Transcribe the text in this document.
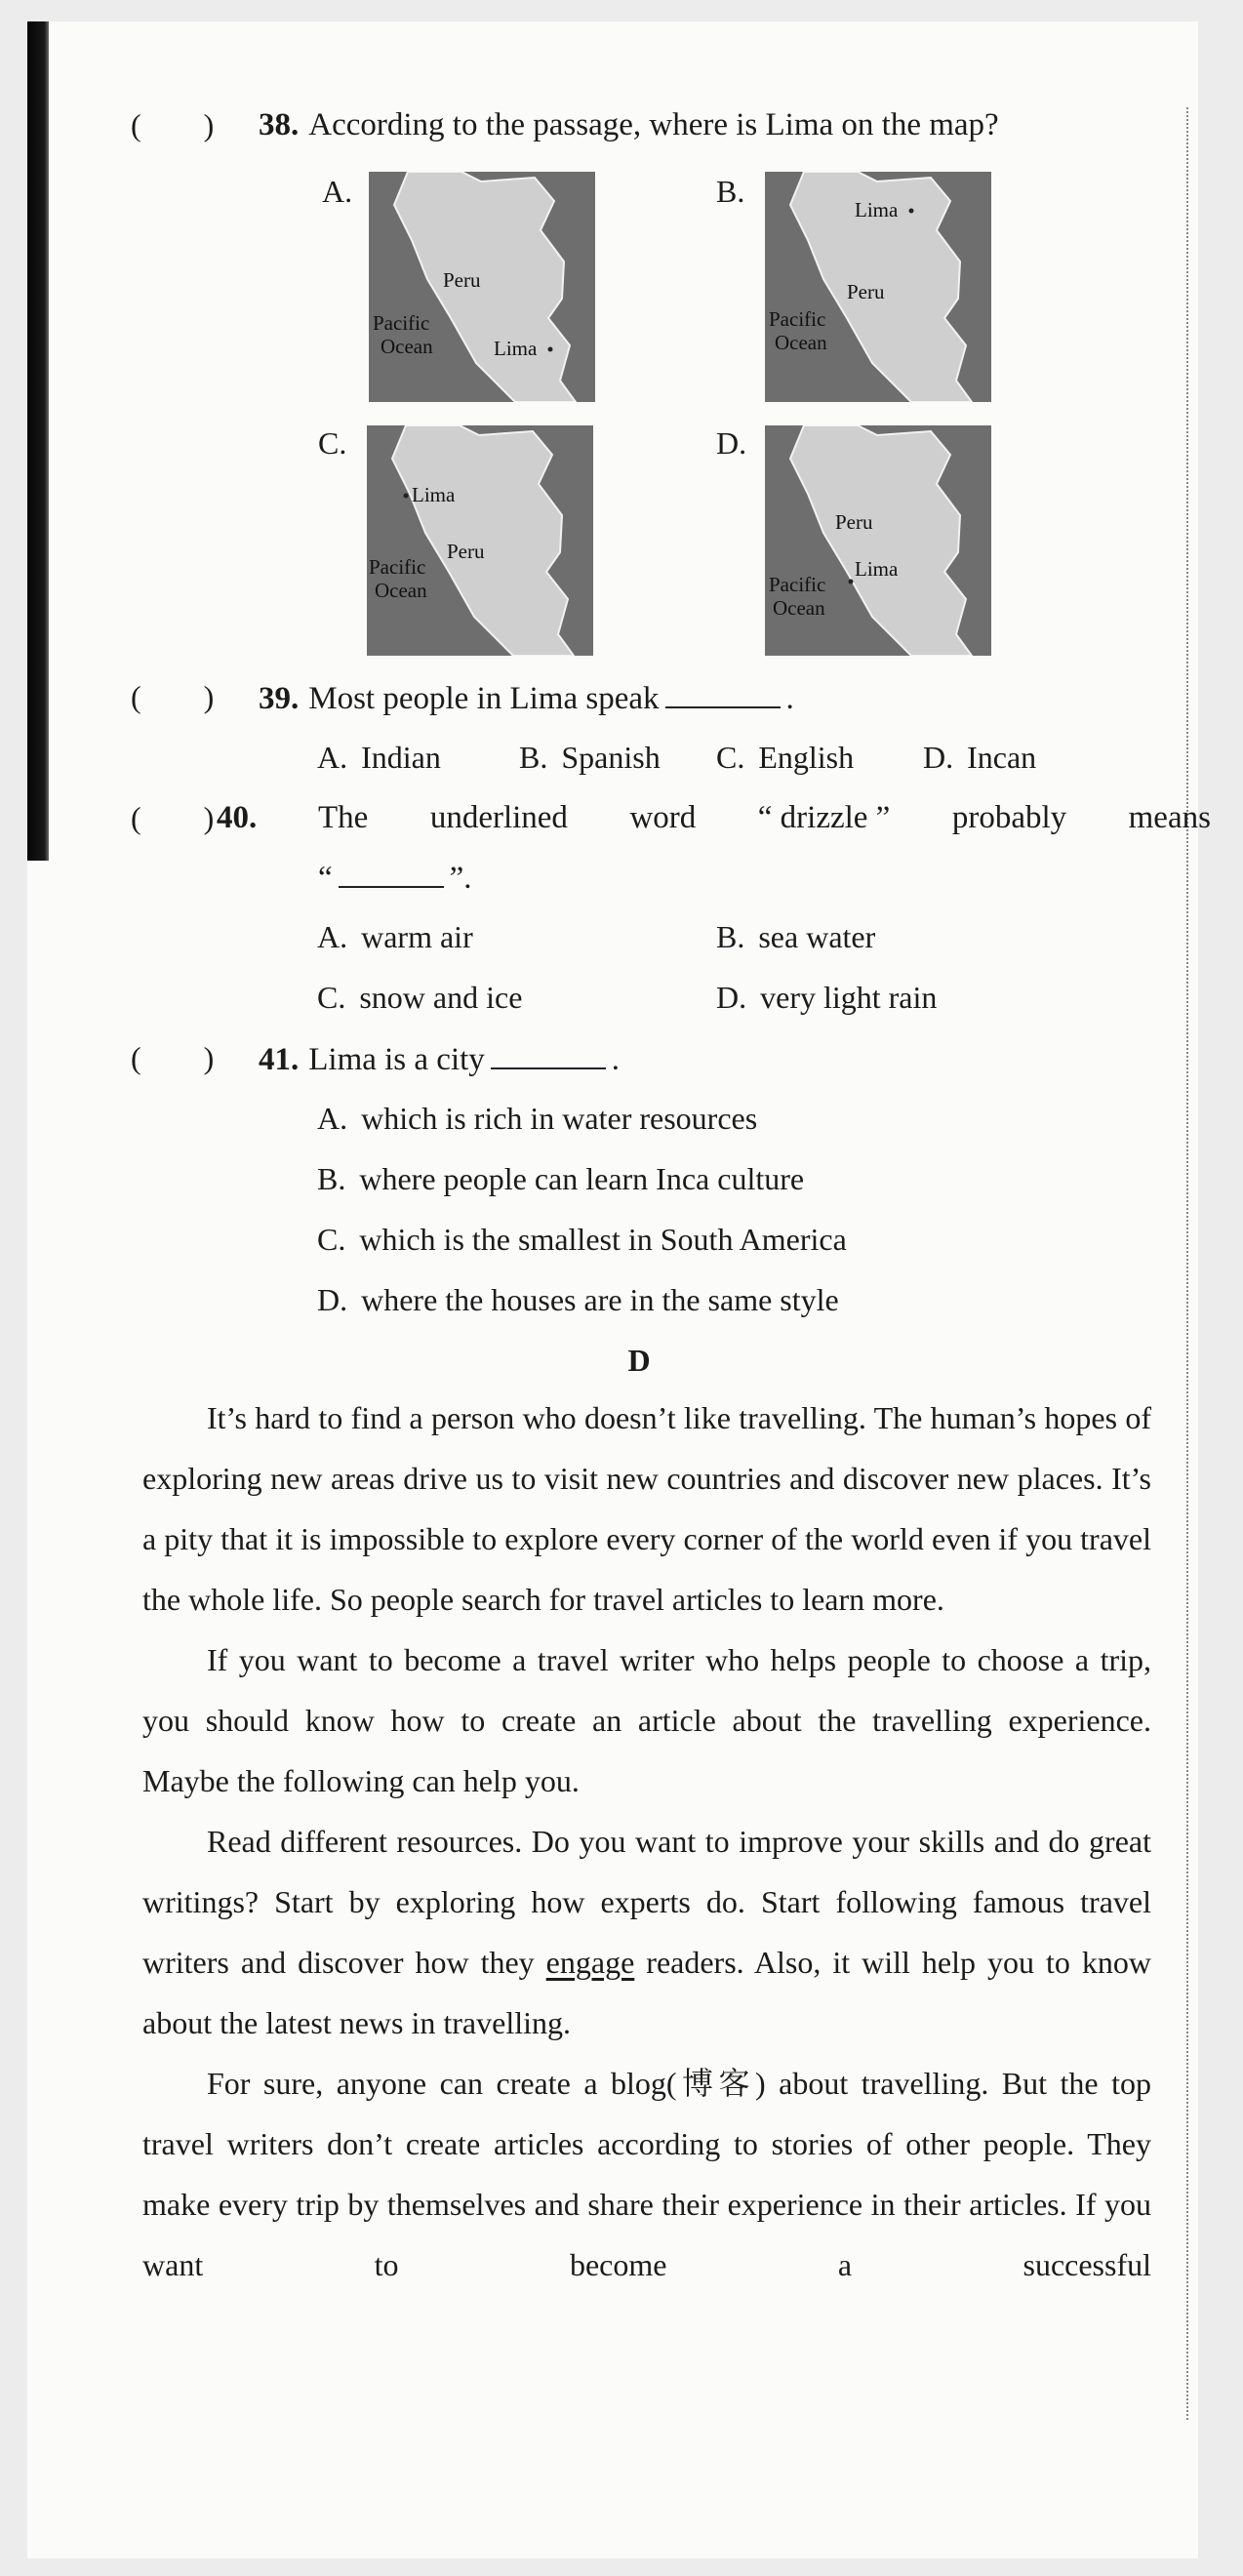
(        ) 38. According to the passage, where is Lima on the map?
A.	B.
C.	D.
Peru
Pacific
Ocean	Lima
Lima
Peru
Pacific
Ocean
Lima
Peru
Pacific
Ocean
Peru
Lima
Pacific
Ocean
(        ) 39. Most people in Lima speak	.
A. Indian	B. Spanish C. English D. Incan
(        ) 40.	The underlined word “ drizzle ” probably means
“	”.
A. warm air	B. sea water
C. snow and ice	D. very light rain
(        ) 41. Lima is a city	.
A. which is rich in water resources
B. where people can learn Inca culture
C. which is the smallest in South America
D. where the houses are in the same style
D

It’s hard to find a person who doesn’t like travelling. The human’s hopes of exploring new areas drive us to visit new countries and discover new places. It’s a pity that it is impossible to explore every corner of the world even if you travel the whole life. So people search for travel articles to learn more.

If you want to become a travel writer who helps people to choose a trip, you should know how to create an article about the travelling experience. Maybe the following can help you.

Read different resources. Do you want to improve your skills and do great writings? Start by exploring how experts do. Start following famous travel writers and discover how they engage readers. Also, it will help you to know about the latest news in travelling.

For sure, anyone can create a blog(博客) about travelling. But the top travel writers don’t create articles according to stories of other people. They make every trip by themselves and share their experience in their articles. If you want to become a successful
